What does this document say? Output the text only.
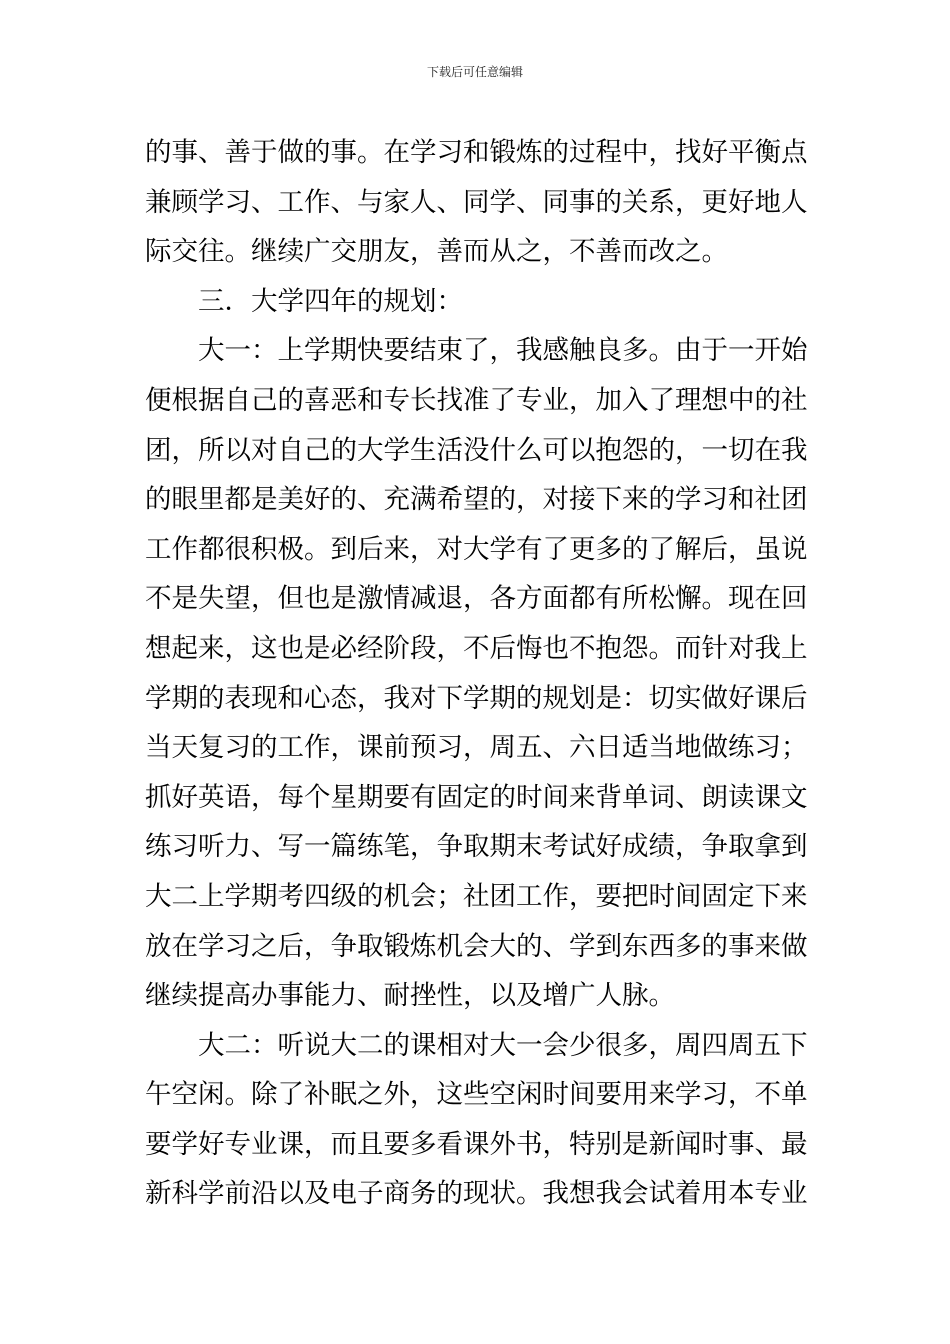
下载后可任意编辑
的事、善于做的事。在学习和锻炼的过程中，找好平衡点
兼顾学习、工作、与家人、同学、同事的关系，更好地人
际交往。继续广交朋友，善而从之，不善而改之。
三．大学四年的规划：
大一：上学期快要结束了，我感触良多。由于一开始
便根据自己的喜恶和专长找准了专业，加入了理想中的社
团，所以对自己的大学生活没什么可以抱怨的，一切在我
的眼里都是美好的、充满希望的，对接下来的学习和社团
工作都很积极。到后来，对大学有了更多的了解后，虽说
不是失望，但也是激情减退，各方面都有所松懈。现在回
想起来，这也是必经阶段，不后悔也不抱怨。而针对我上
学期的表现和心态，我对下学期的规划是：切实做好课后
当天复习的工作，课前预习，周五、六日适当地做练习；
抓好英语，每个星期要有固定的时间来背单词、朗读课文
练习听力、写一篇练笔，争取期末考试好成绩，争取拿到
大二上学期考四级的机会；社团工作，要把时间固定下来
放在学习之后，争取锻炼机会大的、学到东西多的事来做
继续提高办事能力、耐挫性，以及增广人脉。
大二：听说大二的课相对大一会少很多，周四周五下
午空闲。除了补眠之外，这些空闲时间要用来学习，不单
要学好专业课，而且要多看课外书，特别是新闻时事、最
新科学前沿以及电子商务的现状。我想我会试着用本专业
